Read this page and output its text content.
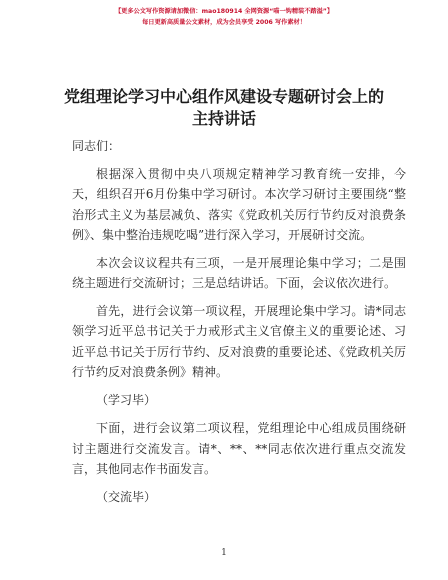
【更多公文写作资源请加微信：mao180914 全网资源“喵一钩精装不踏溢”】
每日更新高质量公文素材，成为会员享受 2006 写作素材！
党组理论学习中心组作风建设专题研讨会上的
主持讲话

同志们：

根据深入贯彻中央八项规定精神学习教育统一安排，今天，组织召开6月份集中学习研讨。本次学习研讨主要围绕“整治形式主义为基层减负、落实《党政机关厉行节约反对浪费条例》、集中整治违规吃喝”进行深入学习，开展研讨交流。

本次会议议程共有三项，一是开展理论集中学习；二是围绕主题进行交流研讨；三是总结讲话。下面，会议依次进行。

首先，进行会议第一项议程，开展理论集中学习。请*同志领学习近平总书记关于力戒形式主义官僚主义的重要论述、习近平总书记关于厉行节约、反对浪费的重要论述、《党政机关厉行节约反对浪费条例》精神。

（学习毕）

下面，进行会议第二项议程，党组理论中心组成员围绕研讨主题进行交流发言。请*、**、**同志依次进行重点交流发言，其他同志作书面发言。

（交流毕）

1
